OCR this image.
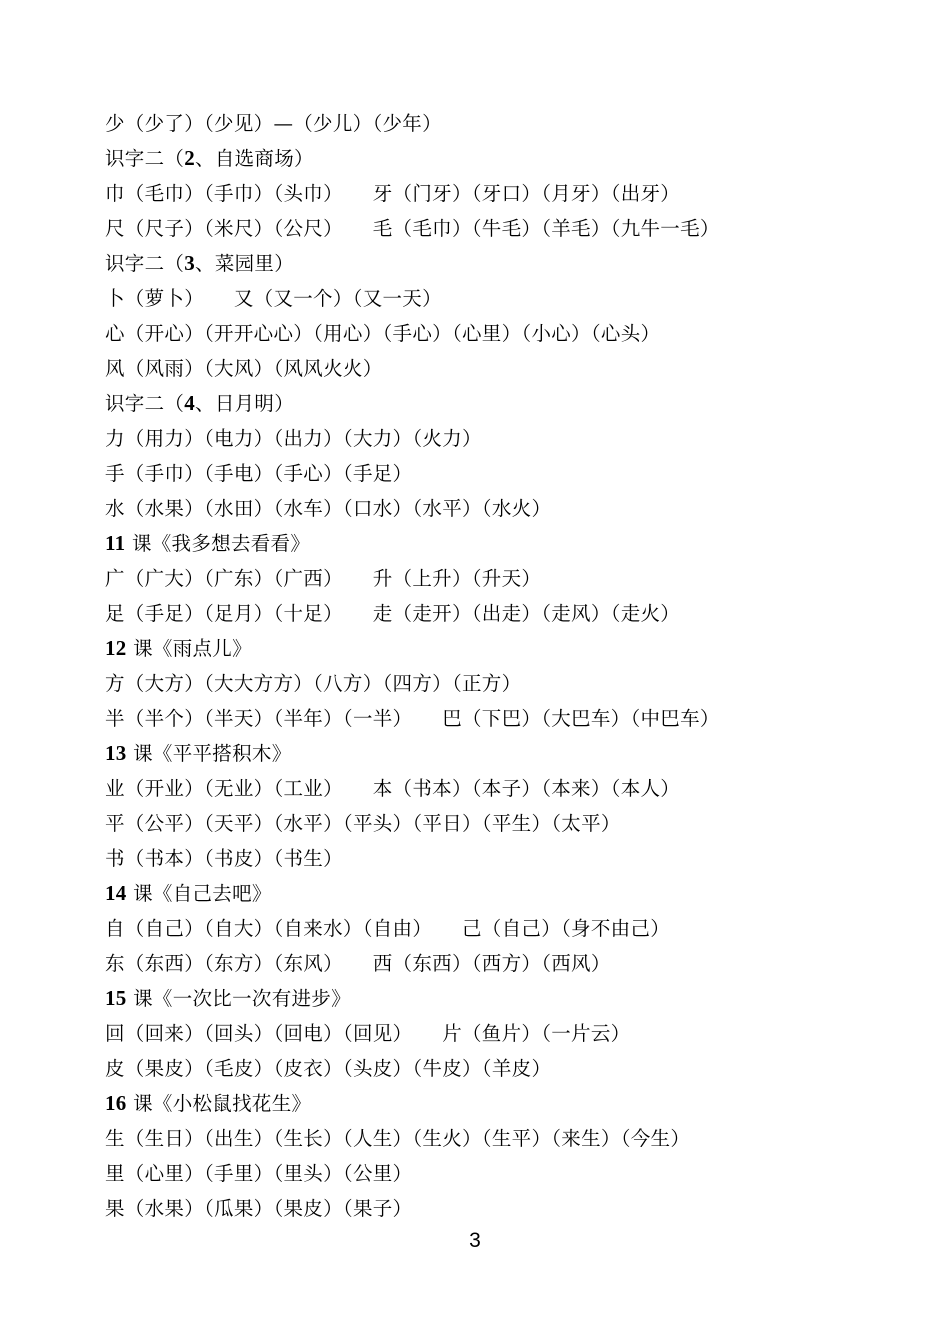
少（少了）（少见）—（少儿）（少年）
识字二（2、自选商场）
巾（毛巾）（手巾）（头巾）　　牙（门牙）（牙口）（月牙）（出牙）
尺（尺子）（米尺）（公尺）　　毛（毛巾）（牛毛）（羊毛）（九牛一毛）
识字二（3、菜园里）
卜（萝卜）　　又（又一个）（又一天）
心（开心）（开开心心）（用心）（手心）（心里）（小心）（心头）
风（风雨）（大风）（风风火火）
识字二（4、日月明）
力（用力）（电力）（出力）（大力）（火力）
手（手巾）（手电）（手心）（手足）
水（水果）（水田）（水车）（口水）（水平）（水火）
11 课《我多想去看看》
广（广大）（广东）（广西）　　升（上升）（升天）
足（手足）（足月）（十足）　　走（走开）（出走）（走风）（走火）
12 课《雨点儿》
方（大方）（大大方方）（八方）（四方）（正方）
半（半个）（半天）（半年）（一半）　　巴（下巴）（大巴车）（中巴车）
13 课《平平搭积木》
业（开业）（无业）（工业）　　本（书本）（本子）（本来）（本人）
平（公平）（天平）（水平）（平头）（平日）（平生）（太平）
书（书本）（书皮）（书生）
14 课《自己去吧》
自（自己）（自大）（自来水）（自由）　　己（自己）（身不由己）
东（东西）（东方）（东风）　　西（东西）（西方）（西风）
15 课《一次比一次有进步》
回（回来）（回头）（回电）（回见）　　片（鱼片）（一片云）
皮（果皮）（毛皮）（皮衣）（头皮）（牛皮）（羊皮）
16 课《小松鼠找花生》
生（生日）（出生）（生长）（人生）（生火）（生平）（来生）（今生）
里（心里）（手里）（里头）（公里）
果（水果）（瓜果）（果皮）（果子）
3
